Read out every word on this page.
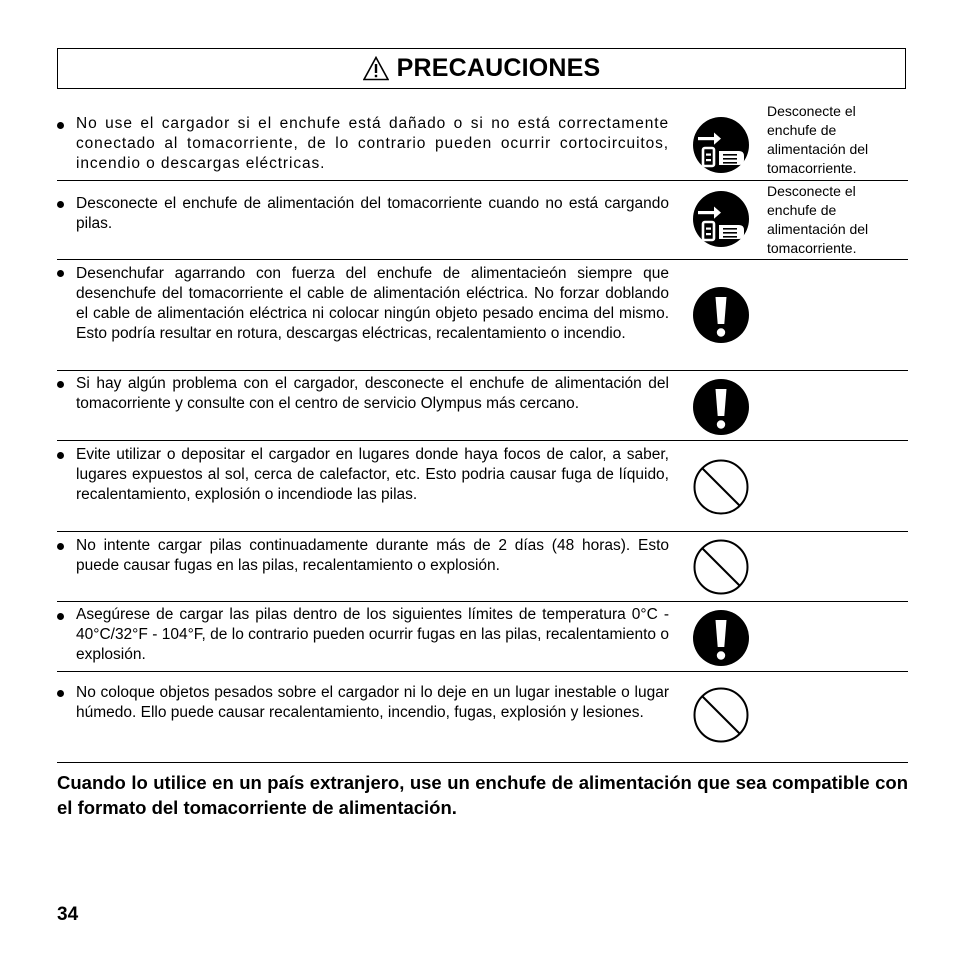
PRECAUCIONES
No use el cargador si el enchufe está dañado o si no está correctamente conectado al tomacorriente, de lo contrario pueden ocurrir cortocircuitos, incendio o descargas eléctricas.
Desconecte el enchufe de alimentación del tomacorriente.
Desconecte el enchufe de alimentación del tomacorriente cuando no está cargando pilas.
Desconecte el enchufe de alimentación del tomacorriente.
Desenchufar agarrando con fuerza del enchufe de alimentacieón siempre que desenchufe del tomacorriente el cable de alimentación eléctrica. No forzar doblando el cable de alimentación eléctrica ni colocar ningún objeto pesado encima del mismo. Esto podría resultar en rotura, descargas eléctricas, recalentamiento o incendio.
Si hay algún problema con el cargador, desconecte el enchufe de alimentación del tomacorriente y consulte con el centro de servicio Olympus más cercano.
Evite utilizar o depositar el cargador en lugares donde haya focos de calor, a saber, lugares expuestos al sol, cerca de calefactor, etc. Esto podria causar fuga de líquido, recalentamiento, explosión o incendiode las pilas.
No intente cargar pilas continuadamente durante más de 2 días (48 horas). Esto puede causar fugas en las pilas, recalentamiento o explosión.
Asegúrese de cargar las pilas dentro de los siguientes límites de temperatura 0°C - 40°C/32°F - 104°F, de lo contrario pueden ocurrir fugas en las pilas, recalentamiento o explosión.
No coloque objetos pesados sobre el cargador ni lo deje en un lugar inestable o lugar húmedo. Ello puede causar recalentamiento, incendio, fugas, explosión y lesiones.
Cuando lo utilice en un país extranjero, use un enchufe de alimentación que sea compatible con el formato del tomacorriente de alimentación.
34
